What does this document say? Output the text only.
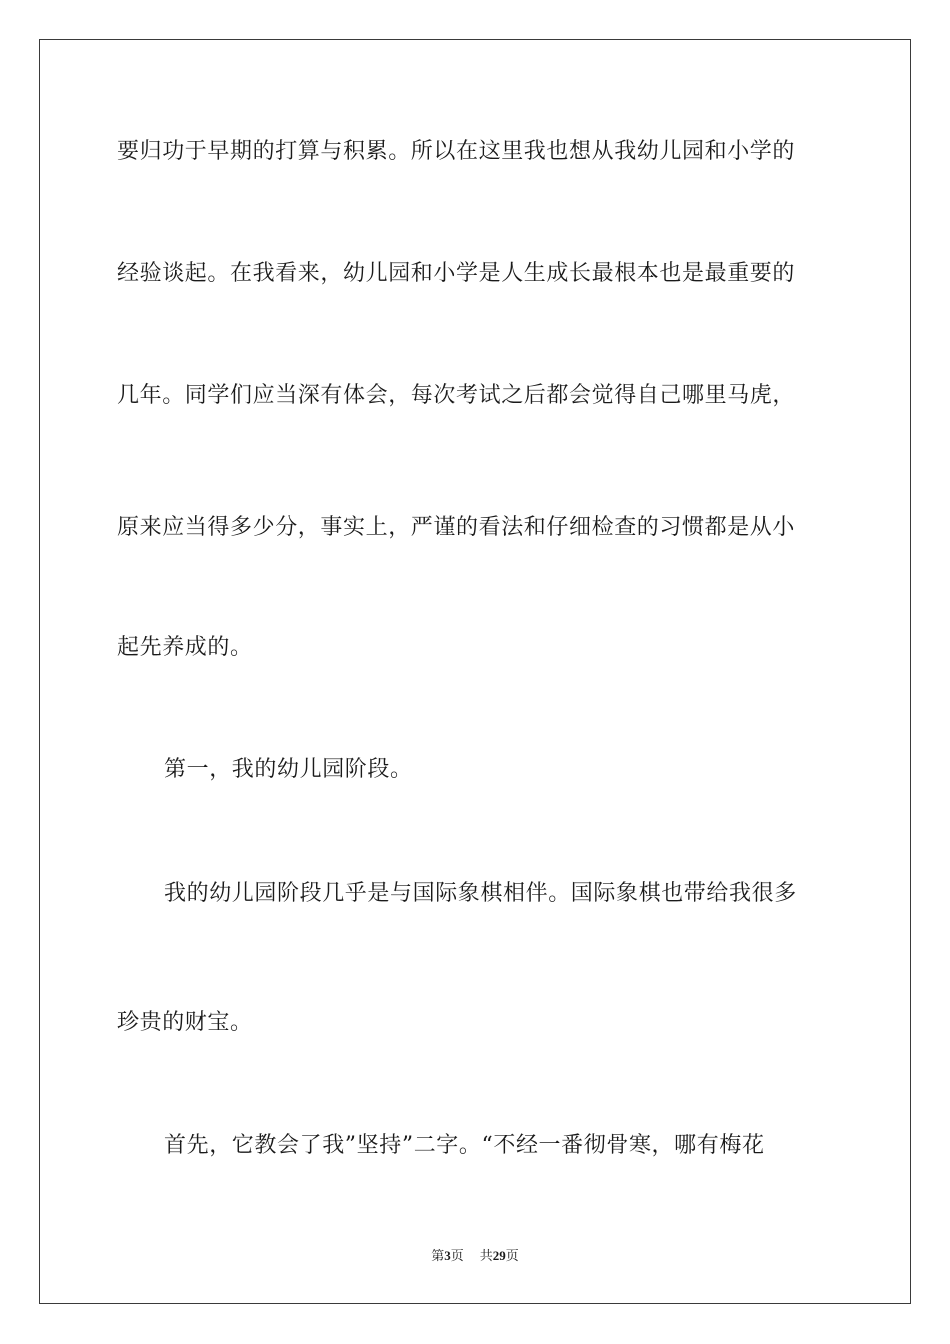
要归功于早期的打算与积累。所以在这里我也想从我幼儿园和小学的
经验谈起。在我看来，幼儿园和小学是人生成长最根本也是最重要的
几年。同学们应当深有体会，每次考试之后都会觉得自己哪里马虎，
原来应当得多少分，事实上，严谨的看法和仔细检查的习惯都是从小
起先养成的。
第一，我的幼儿园阶段。
我的幼儿园阶段几乎是与国际象棋相伴。国际象棋也带给我很多
珍贵的财宝。
首先，它教会了我”坚持”二字。“不经一番彻骨寒，哪有梅花
第3页 共29页
